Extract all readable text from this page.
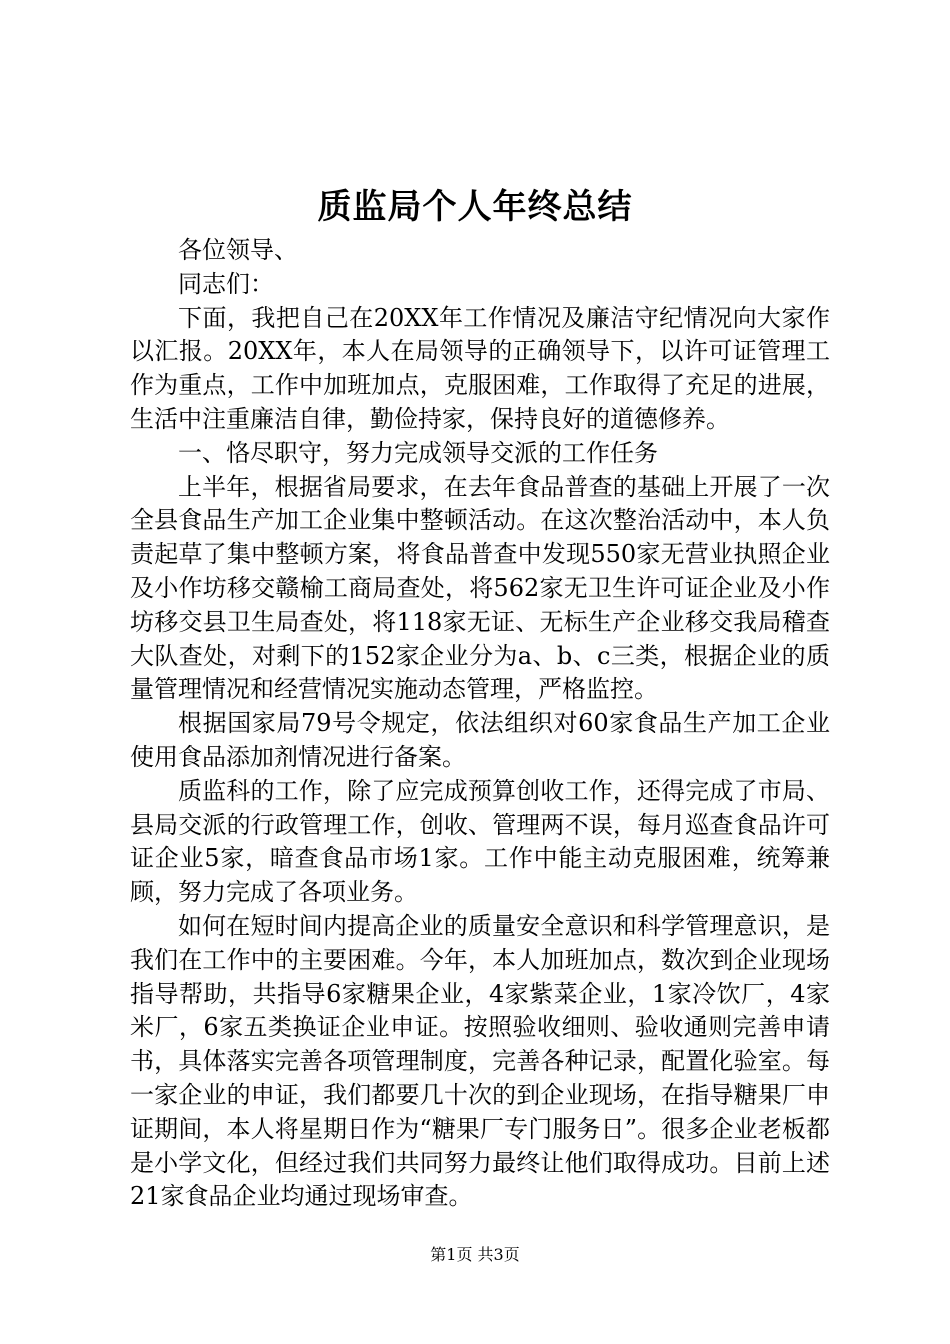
质监局个人年终总结

各位领导、

同志们：

下面，我把自己在20XX年工作情况及廉洁守纪情况向大家作以汇报。20XX年，本人在局领导的正确领导下，以许可证管理工作为重点，工作中加班加点，克服困难，工作取得了充足的进展，生活中注重廉洁自律，勤俭持家，保持良好的道德修养。

一、恪尽职守，努力完成领导交派的工作任务

上半年，根据省局要求，在去年食品普查的基础上开展了一次全县食品生产加工企业集中整顿活动。在这次整治活动中，本人负责起草了集中整顿方案，将食品普查中发现550家无营业执照企业及小作坊移交赣榆工商局查处，将562家无卫生许可证企业及小作坊移交县卫生局查处，将118家无证、无标生产企业移交我局稽查大队查处，对剩下的152家企业分为a、b、c三类，根据企业的质量管理情况和经营情况实施动态管理，严格监控。

根据国家局79号令规定，依法组织对60家食品生产加工企业使用食品添加剂情况进行备案。

质监科的工作，除了应完成预算创收工作，还得完成了市局、县局交派的行政管理工作，创收、管理两不误，每月巡查食品许可证企业5家，暗查食品市场1家。工作中能主动克服困难，统筹兼顾，努力完成了各项业务。

如何在短时间内提高企业的质量安全意识和科学管理意识，是我们在工作中的主要困难。今年，本人加班加点，数次到企业现场指导帮助，共指导6家糖果企业，4家紫菜企业，1家冷饮厂，4家米厂，6家五类换证企业申证。按照验收细则、验收通则完善申请书，具体落实完善各项管理制度，完善各种记录，配置化验室。每一家企业的申证，我们都要几十次的到企业现场，在指导糖果厂申证期间，本人将星期日作为“糖果厂专门服务日”。很多企业老板都是小学文化，但经过我们共同努力最终让他们取得成功。目前上述21家食品企业均通过现场审查。

第1页 共3页
